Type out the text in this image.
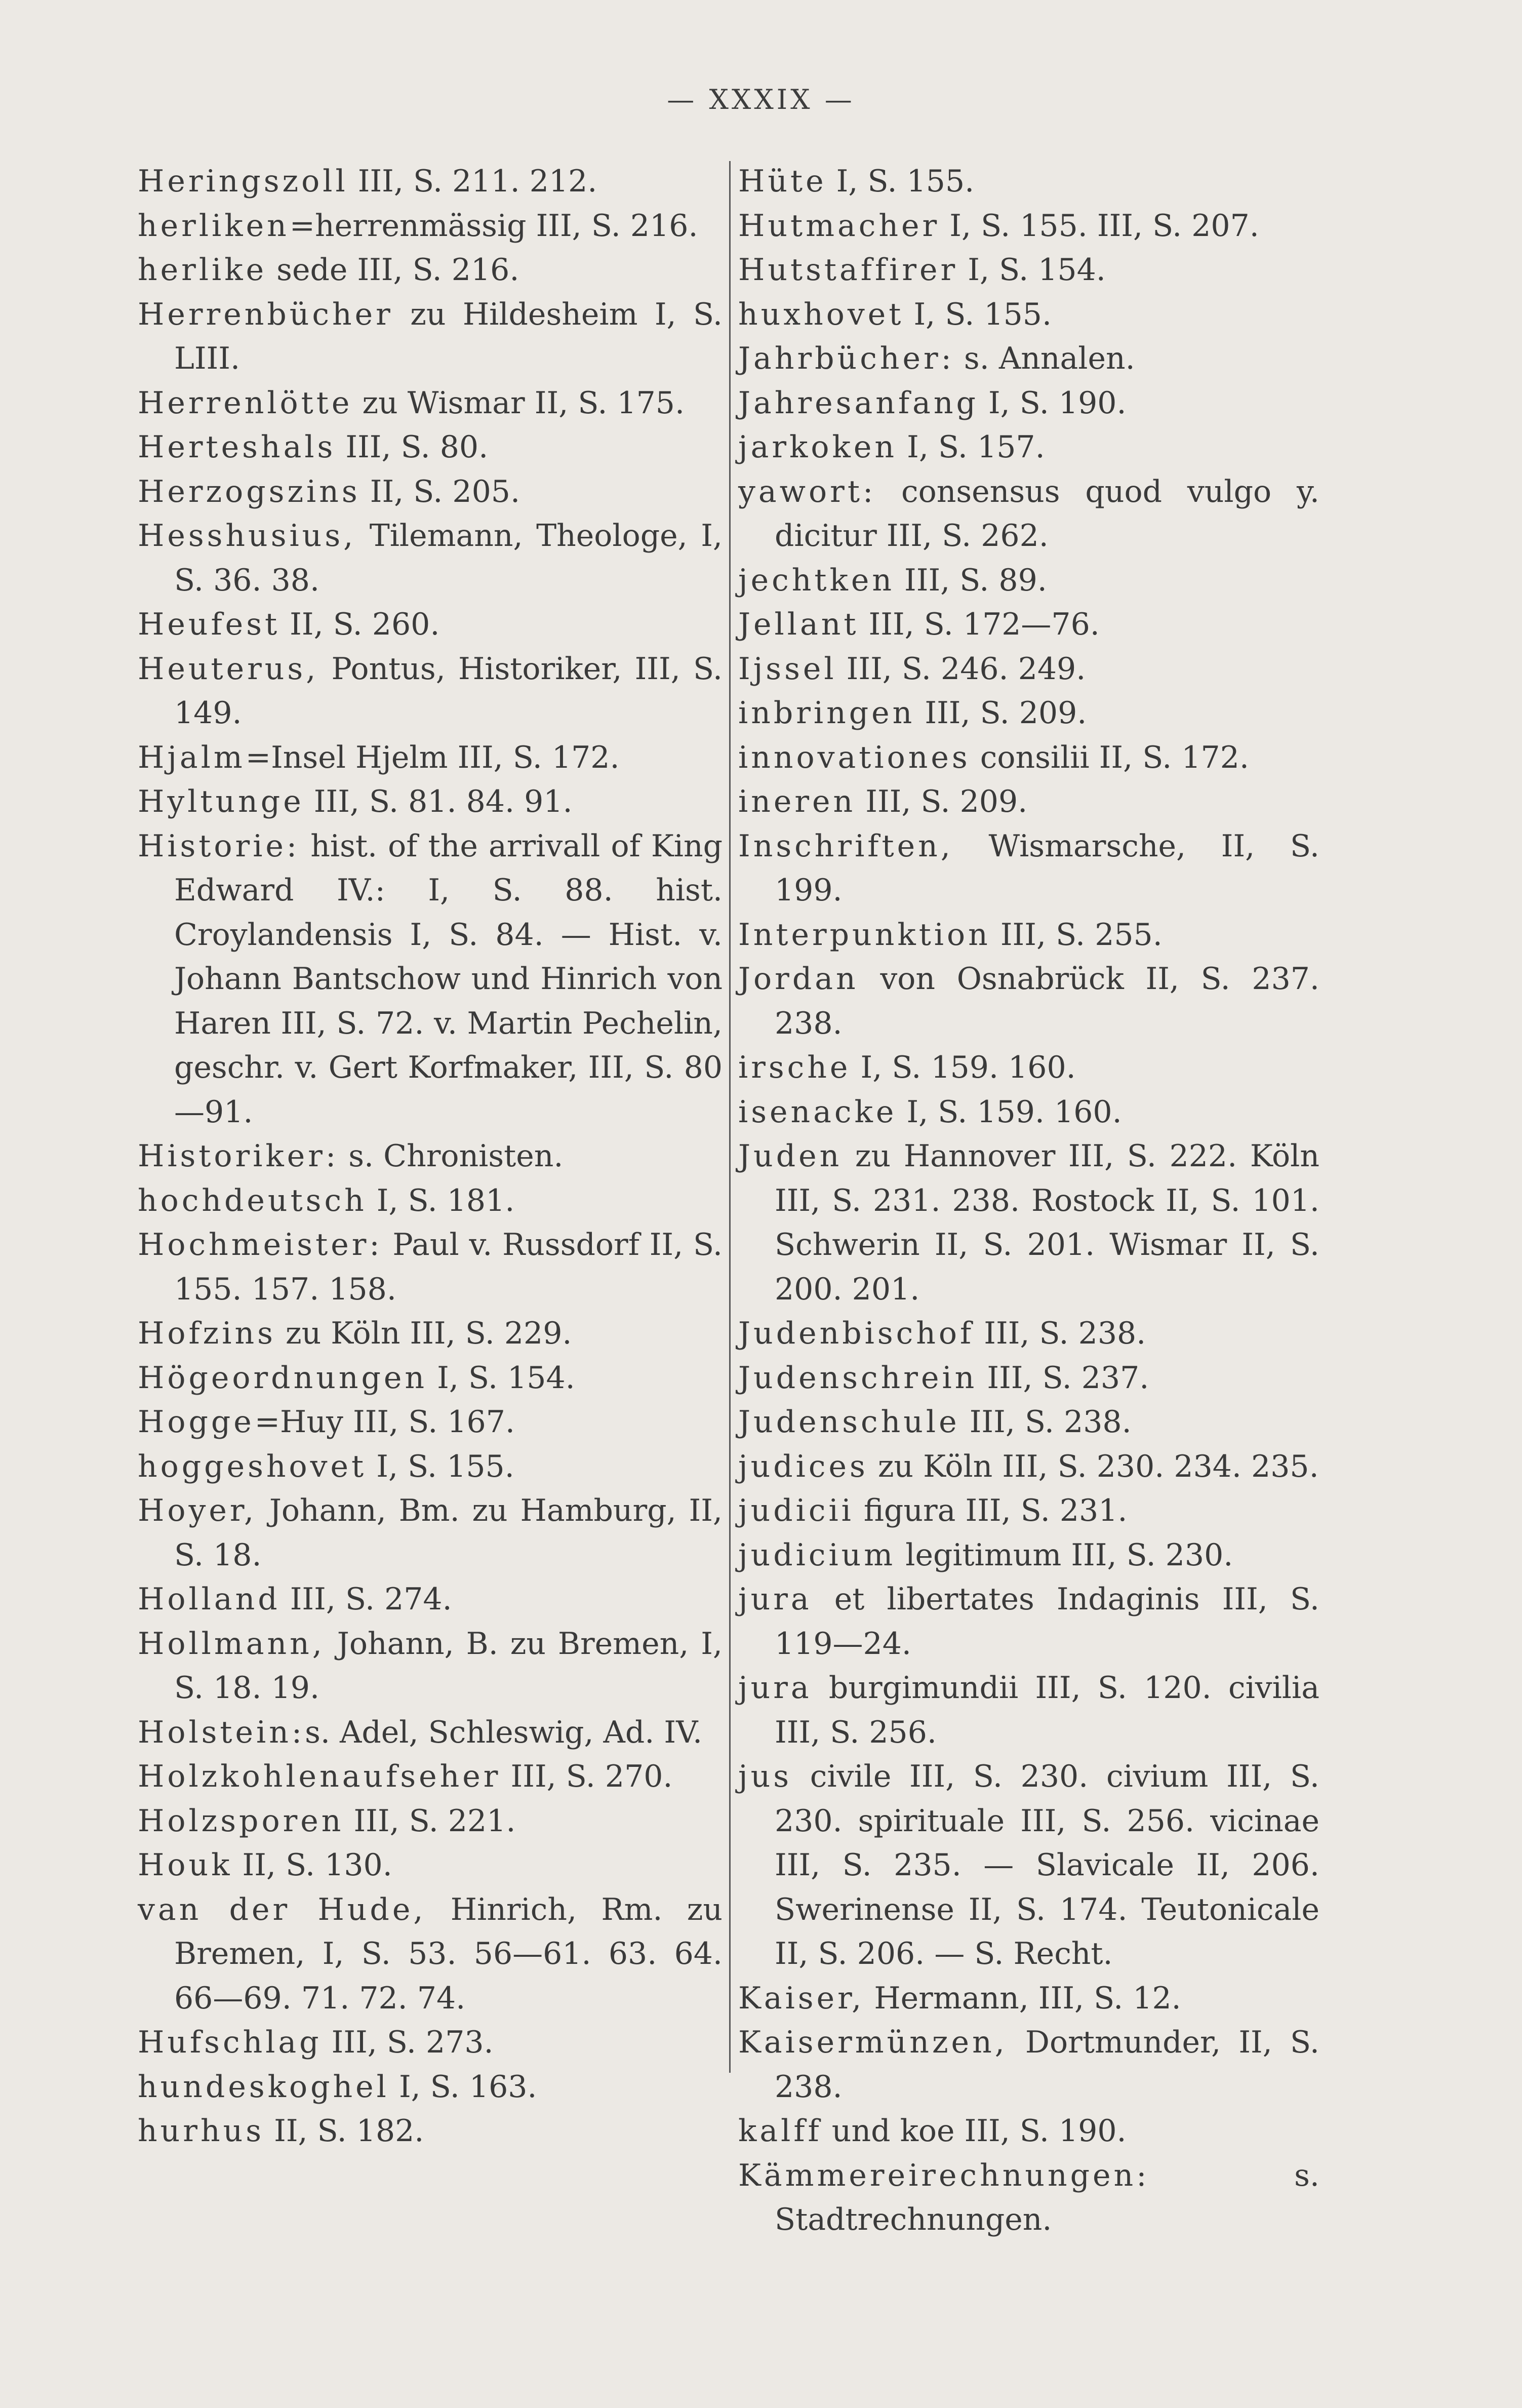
— XXXIX —

Heringszoll III, S. 211. 212.

herliken=herrenmässig III, S. 216.

herlike sede III, S. 216.

Herrenbücher zu Hildesheim I, S. LIII.

Herrenlötte zu Wismar II, S. 175.

Herteshals III, S. 80.

Herzogszins II, S. 205.

Hesshusius, Tilemann, Theologe, I, S. 36. 38.

Heufest II, S. 260.

Heuterus, Pontus, Historiker, III, S. 149.

Hjalm=Insel Hjelm III, S. 172.

Hyltunge III, S. 81. 84. 91.

Historie: hist. of the arrivall of King Edward IV.: I, S. 88. hist. Croylandensis I, S. 84. — Hist. v. Johann Bantschow und Hinrich von Haren III, S. 72. v. Martin Pechelin, geschr. v. Gert Korfmaker, III, S. 80—91.

Historiker: s. Chronisten.

hochdeutsch I, S. 181.

Hochmeister: Paul v. Russdorf II, S. 155. 157. 158.

Hofzins zu Köln III, S. 229.

Högeordnungen I, S. 154.

Hogge=Huy III, S. 167.

hoggeshovet I, S. 155.

Hoyer, Johann, Bm. zu Hamburg, II, S. 18.

Holland III, S. 274.

Hollmann, Johann, B. zu Bremen, I, S. 18. 19.

Holstein:s. Adel, Schleswig, Ad. IV.

Holzkohlenaufseher III, S. 270.

Holzsporen III, S. 221.

Houk II, S. 130.

van der Hude, Hinrich, Rm. zu Bremen, I, S. 53. 56—61. 63. 64. 66—69. 71. 72. 74.

Hufschlag III, S. 273.

hundeskoghel I, S. 163.

hurhus II, S. 182.

Hüte I, S. 155.

Hutmacher I, S. 155. III, S. 207.

Hutstaffirer I, S. 154.

huxhovet I, S. 155.

Jahrbücher: s. Annalen.

Jahresanfang I, S. 190.

jarkoken I, S. 157.

yawort: consensus quod vulgo y. dicitur III, S. 262.

jechtken III, S. 89.

Jellant III, S. 172—76.

Ijssel III, S. 246. 249.

inbringen III, S. 209.

innovationes consilii II, S. 172.

ineren III, S. 209.

Inschriften, Wismarsche, II, S. 199.

Interpunktion III, S. 255.

Jordan von Osnabrück II, S. 237. 238.

irsche I, S. 159. 160.

isenacke I, S. 159. 160.

Juden zu Hannover III, S. 222. Köln III, S. 231. 238. Rostock II, S. 101. Schwerin II, S. 201. Wismar II, S. 200. 201.

Judenbischof III, S. 238.

Judenschrein III, S. 237.

Judenschule III, S. 238.

judices zu Köln III, S. 230. 234. 235.

judicii figura III, S. 231.

judicium legitimum III, S. 230.

jura et libertates Indaginis III, S. 119—24.

jura burgimundii III, S. 120. civilia III, S. 256.

jus civile III, S. 230. civium III, S. 230. spirituale III, S. 256. vicinae III, S. 235. — Slavicale II, 206. Swerinense II, S. 174. Teutonicale II, S. 206. — S. Recht.

Kaiser, Hermann, III, S. 12.

Kaisermünzen, Dortmunder, II, S. 238.

kalff und koe III, S. 190.

Kämmereirechnungen: s. Stadtrechnungen.
